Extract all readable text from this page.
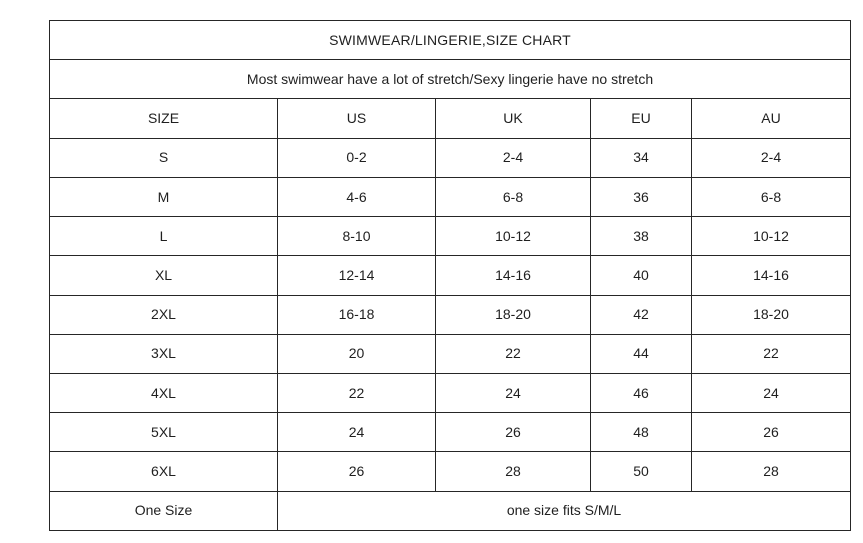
SWIMWEAR/LINGERIE,SIZE CHART				
Most swimwear have a lot of stretch/Sexy lingerie have no stretch				
SIZE	US	UK	EU	AU
S	0-2	2-4	34	2-4
M	4-6	6-8	36	6-8
L	8-10	10-12	38	10-12
XL	12-14	14-16	40	14-16
2XL	16-18	18-20	42	18-20
3XL	20	22	44	22
4XL	22	24	46	24
5XL	24	26	48	26
6XL	26	28	50	28
One Size	one size fits S/M/L			
